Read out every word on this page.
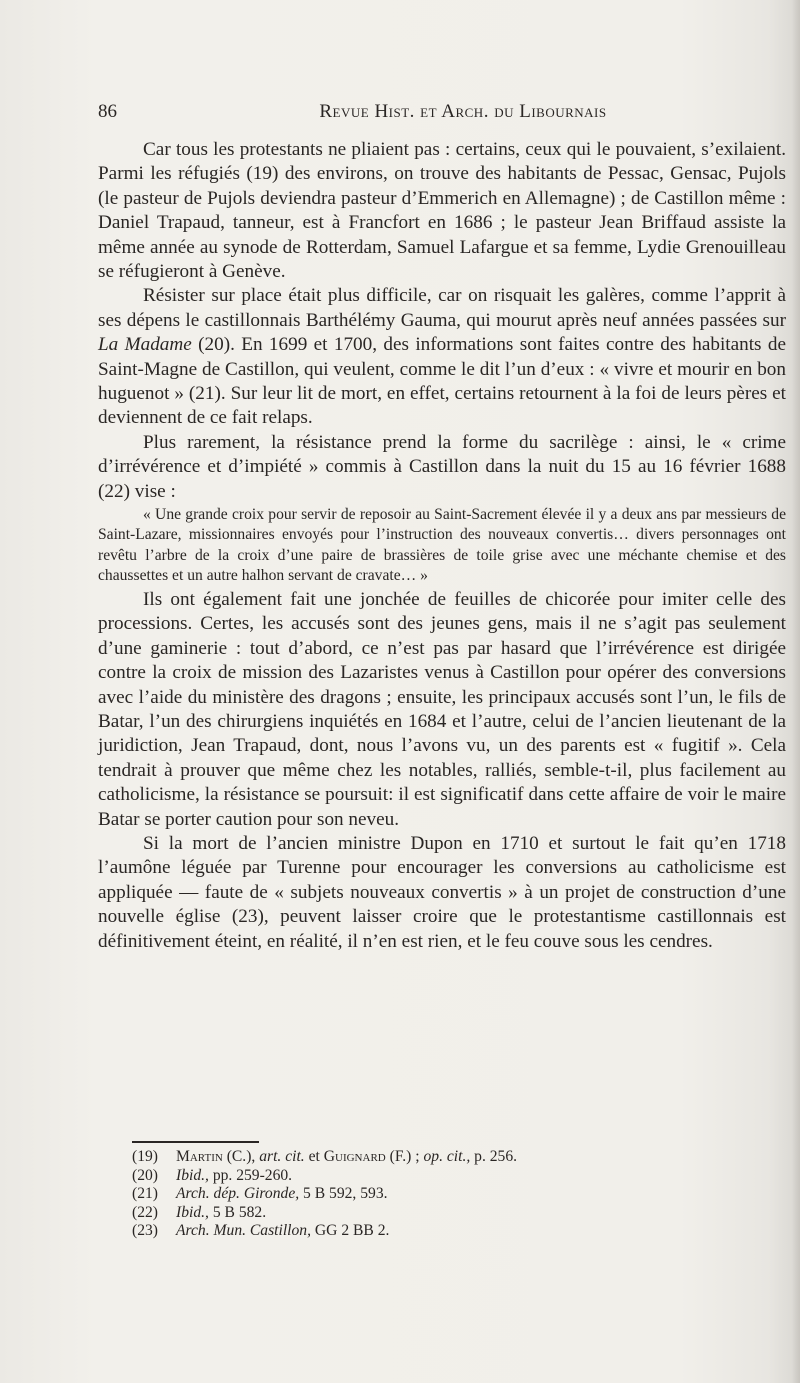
86	Revue Hist. et Arch. du Libournais

Car tous les protestants ne pliaient pas : certains, ceux qui le pouvaient, s’exilaient. Parmi les réfugiés (19) des environs, on trouve des habitants de Pessac, Gensac, Pujols (le pasteur de Pujols deviendra pasteur d’Emmerich en Allemagne) ; de Castillon même : Daniel Trapaud, tanneur, est à Francfort en 1686 ; le pasteur Jean Briffaud assiste la même année au synode de Rotterdam, Samuel Lafargue et sa femme, Lydie Grenouilleau se réfugieront à Genève.

Résister sur place était plus difficile, car on risquait les galères, comme l’apprit à ses dépens le castillonnais Barthélémy Gauma, qui mourut après neuf années passées sur La Madame (20). En 1699 et 1700, des informations sont faites contre des habitants de Saint-Magne de Castillon, qui veulent, comme le dit l’un d’eux : « vivre et mourir en bon huguenot » (21). Sur leur lit de mort, en effet, certains retournent à la foi de leurs pères et deviennent de ce fait relaps.

Plus rarement, la résistance prend la forme du sacrilège : ainsi, le « crime d’irrévérence et d’impiété » commis à Castillon dans la nuit du 15 au 16 février 1688 (22) vise :

« Une grande croix pour servir de reposoir au Saint-Sacrement élevée il y a deux ans par messieurs de Saint-Lazare, missionnaires envoyés pour l’instruction des nouveaux convertis… divers personnages ont revêtu l’arbre de la croix d’une paire de brassières de toile grise avec une méchante chemise et des chaussettes et un autre halhon servant de cravate… »

Ils ont également fait une jonchée de feuilles de chicorée pour imiter celle des processions. Certes, les accusés sont des jeunes gens, mais il ne s’agit pas seulement d’une gaminerie : tout d’abord, ce n’est pas par hasard que l’irrévérence est dirigée contre la croix de mission des Lazaristes venus à Castillon pour opérer des conversions avec l’aide du ministère des dragons ; ensuite, les principaux accusés sont l’un, le fils de Batar, l’un des chirurgiens inquiétés en 1684 et l’autre, celui de l’ancien lieutenant de la juridiction, Jean Trapaud, dont, nous l’avons vu, un des parents est « fugitif ». Cela tendrait à prouver que même chez les notables, ralliés, semble-t-il, plus facilement au catholicisme, la résistance se poursuit: il est significatif dans cette affaire de voir le maire Batar se porter caution pour son neveu.

Si la mort de l’ancien ministre Dupon en 1710 et surtout le fait qu’en 1718 l’aumône léguée par Turenne pour encourager les conversions au catholicisme est appliquée — faute de « subjets nouveaux convertis » à un projet de construction d’une nouvelle église (23), peuvent laisser croire que le protestantisme castillonnais est définitivement éteint, en réalité, il n’en est rien, et le feu couve sous les cendres.

(19)	Martin (C.), art. cit. et Guignard (F.) ; op. cit., p. 256.
(20)	Ibid., pp. 259-260.
(21)	Arch. dép. Gironde, 5 B 592, 593.
(22)	Ibid., 5 B 582.
(23)	Arch. Mun. Castillon, GG 2 BB 2.
